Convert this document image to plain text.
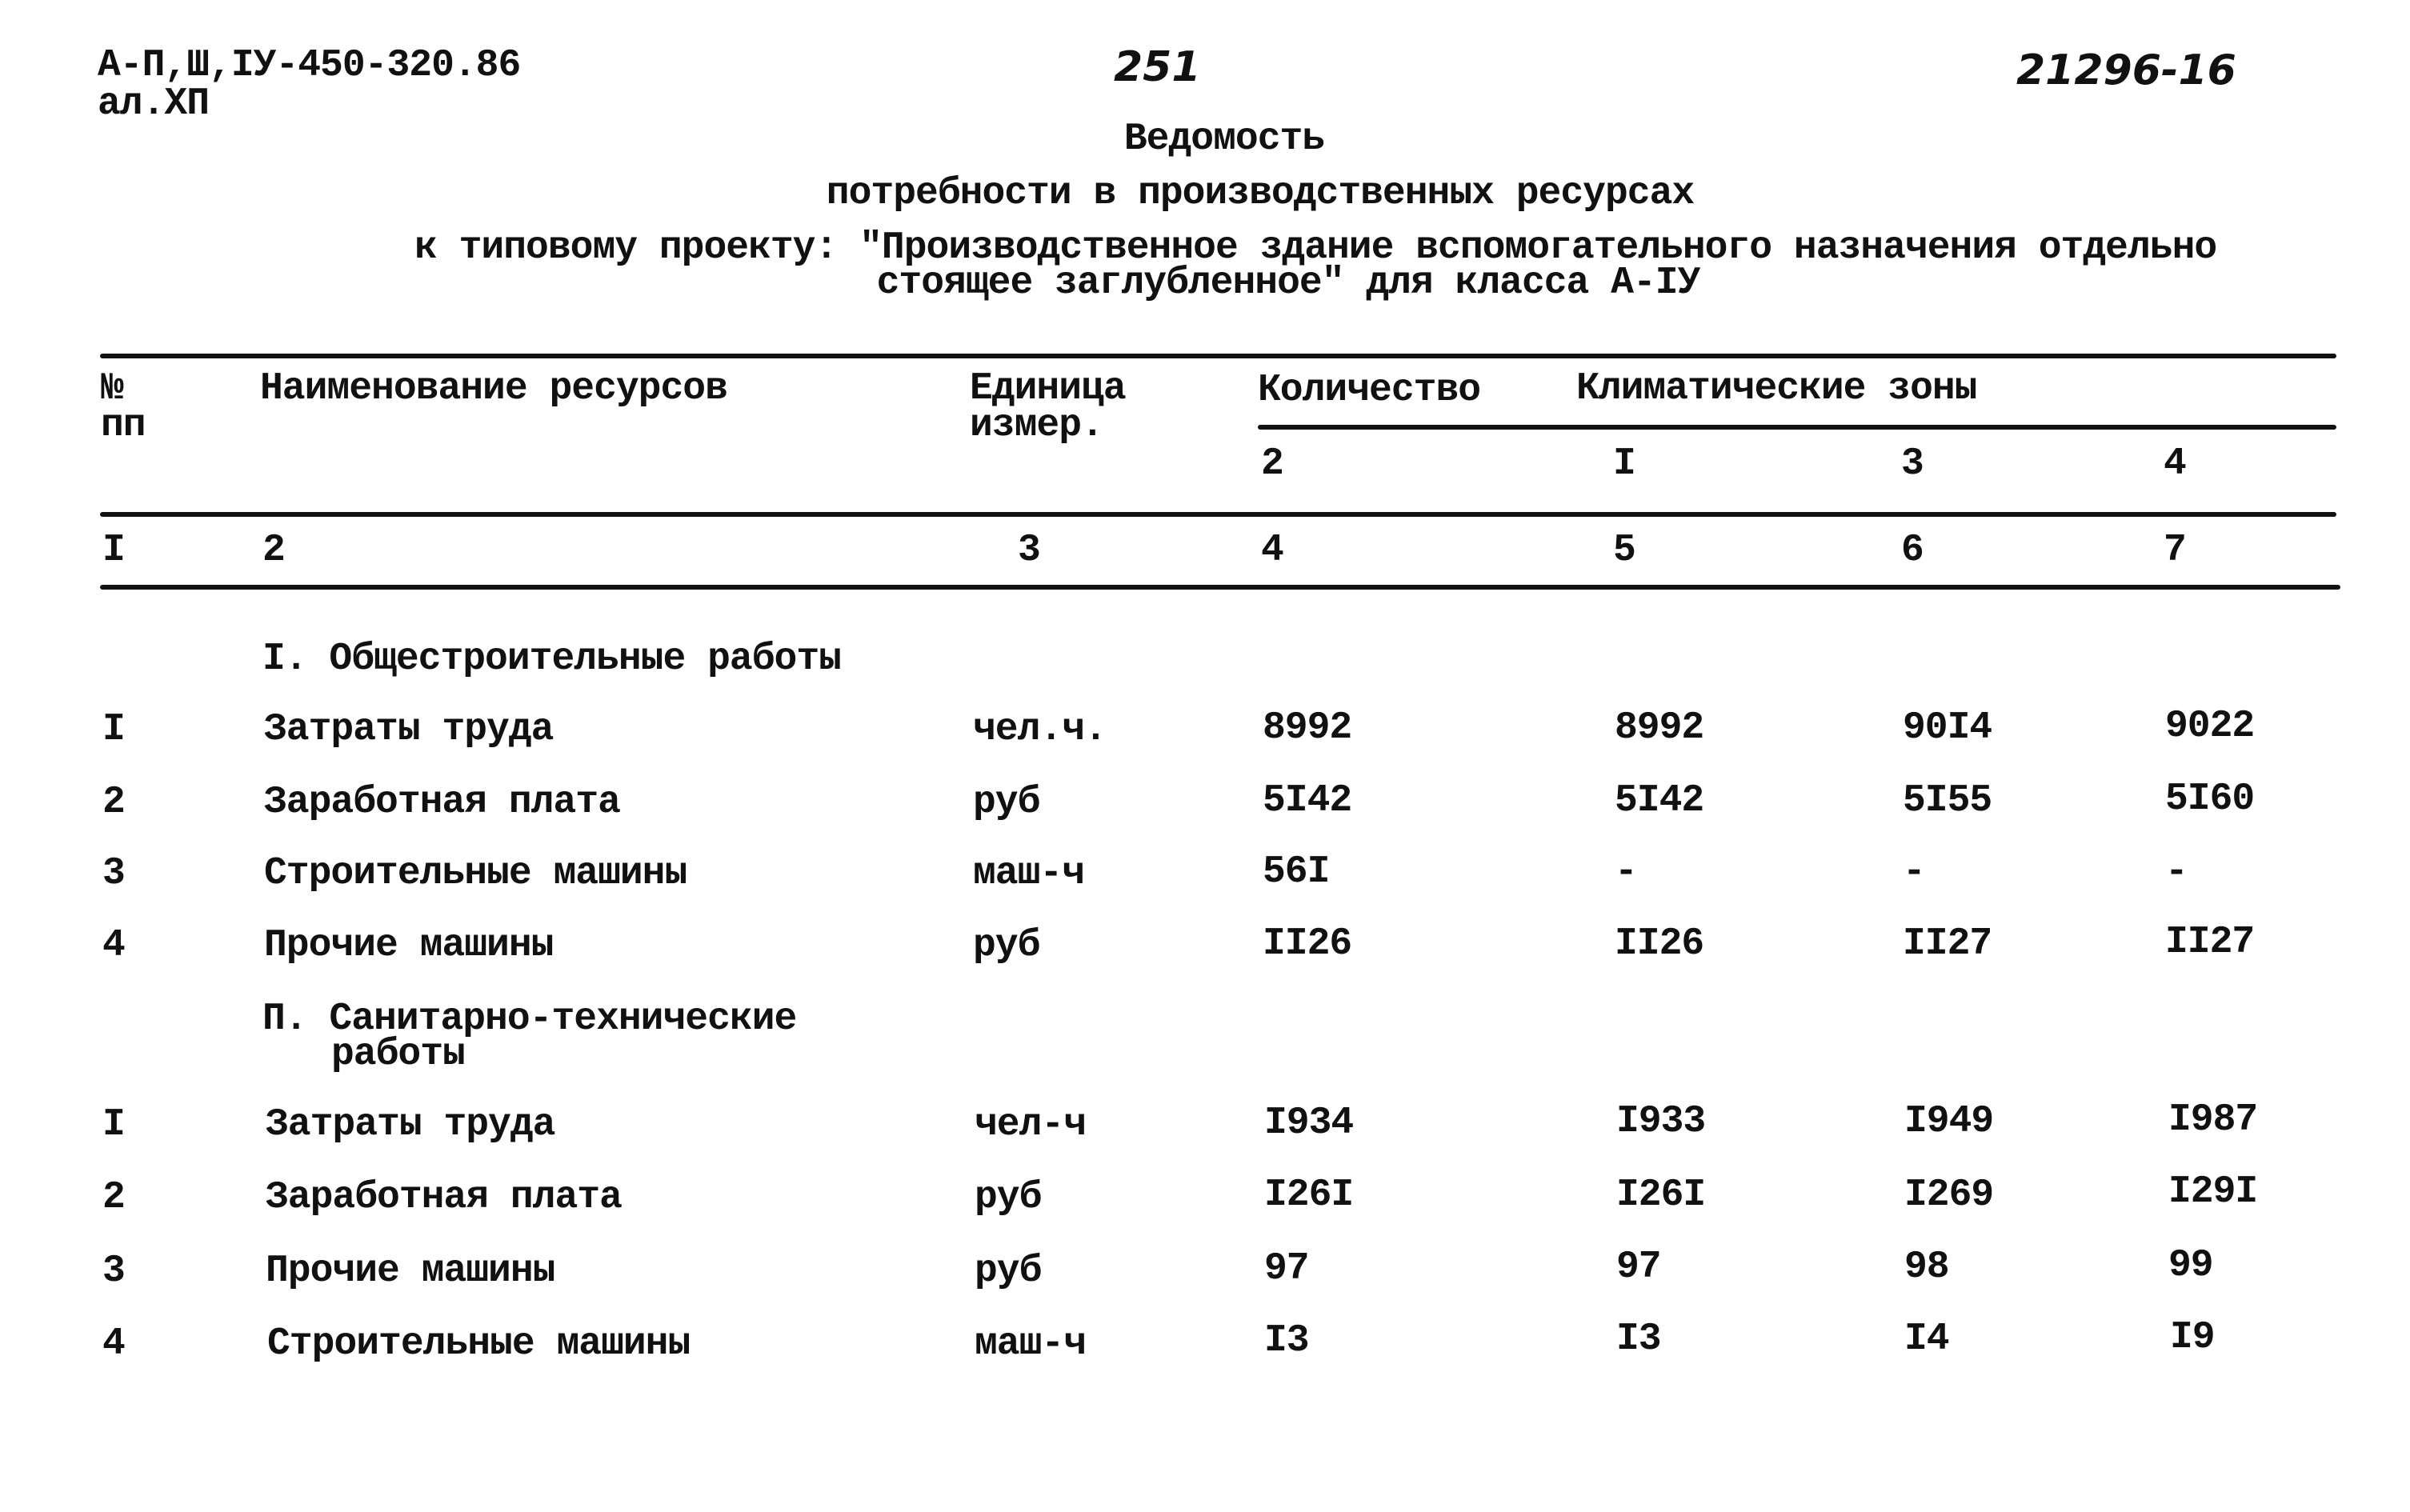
А-П,Ш,IУ-450-320.86
ал.XП
251	21296-16
Ведомость
потребности в производственных ресурсах
к типовому проекту: "Производственное здание вспомогательного назначения отдельно
стоящее заглубленное" для класса А-IУ
№
пп
Наименование ресурсов	Единица
измер.
Количество Климатические зоны
2	I	3	4
I	2	3	4	5	6	7
I. Общестроительные работы
I	Затраты труда	чел.ч.	8992	8992	90I4	9022
2	Заработная плата	руб	5I42	5I42	5I55	5I60
3	Строительные машины	маш-ч	56I	-	-	-
4	Прочие машины	руб	II26	II26	II27	II27
П. Санитарно-технические
работы
I	Затраты труда	чел-ч	I934	I933	I949	I987
2	Заработная плата	руб	I26I	I26I	I269	I29I
3	Прочие машины	руб	97	97	98	99
4	Строительные машины	маш-ч	I3	I3	I4	I9
